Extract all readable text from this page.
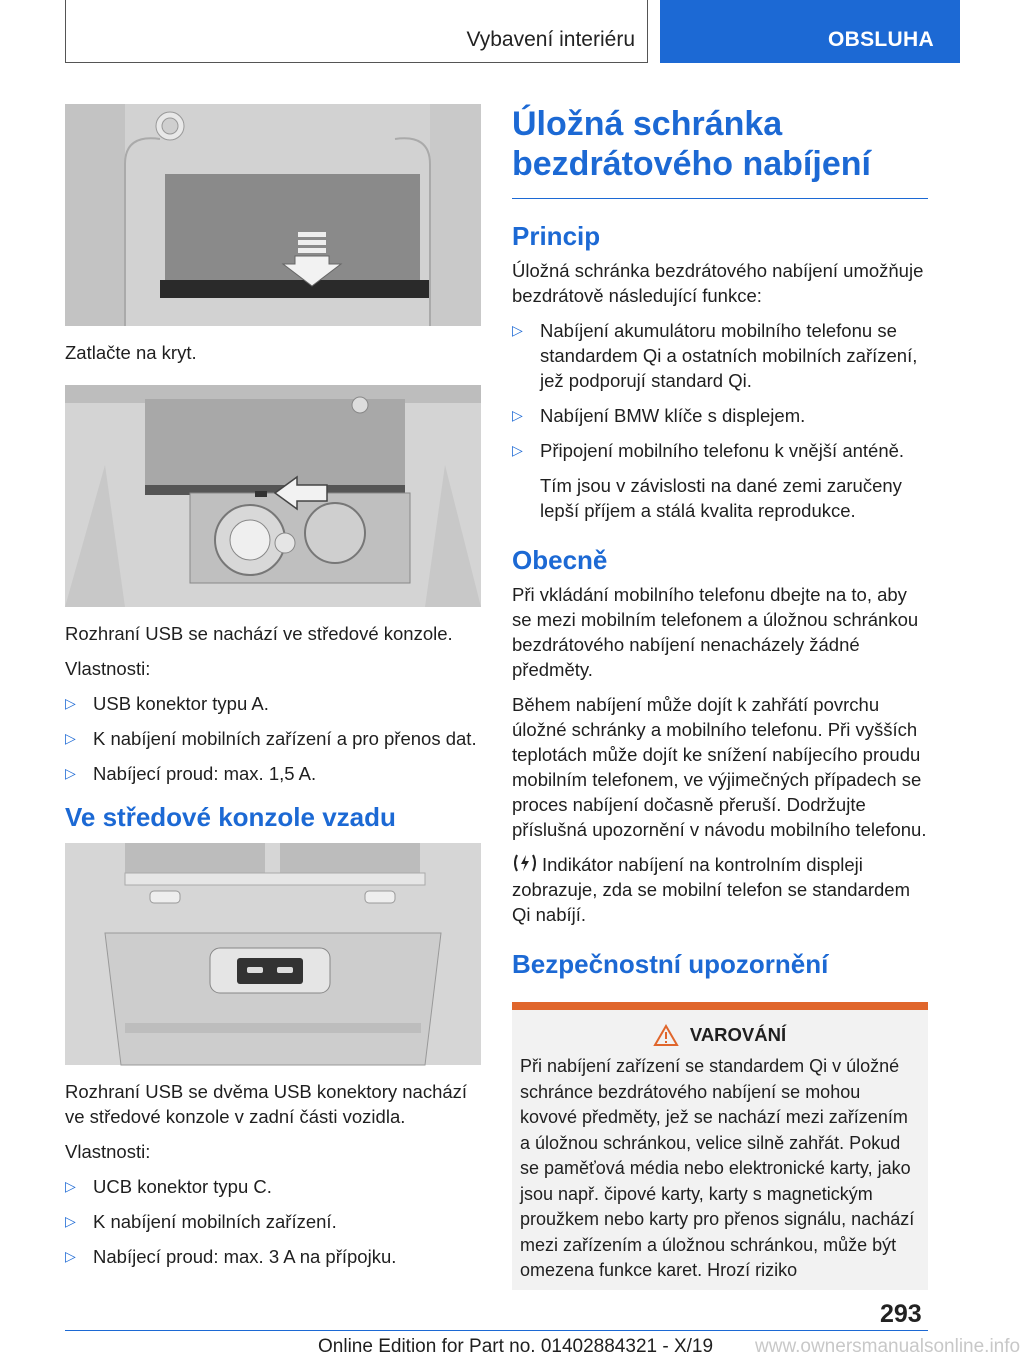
Vybavení interiéru	OBSLUHA

Zatlačte na kryt.

Rozhraní USB se nachází ve středové konzole.

Vlastnosti:

▷ USB konektor typu A.
▷ K nabíjení mobilních zařízení a pro přenos dat.
▷ Nabíjecí proud: max. 1,5 A.
Ve středové konzole vzadu

Rozhraní USB se dvěma USB konektory nachází ve středové konzole v zadní části vozidla.

Vlastnosti:

▷ UCB konektor typu C.
▷ K nabíjení mobilních zařízení.
▷ Nabíjecí proud: max. 3 A na přípojku.
Úložná schránka bezdrátového nabíjení
Princip

Úložná schránka bezdrátového nabíjení umožňuje bezdrátově následující funkce:

▷ Nabíjení akumulátoru mobilního telefonu se standardem Qi a ostatních mobilních zařízení, jež podporují standard Qi.
▷ Nabíjení BMW klíče s displejem.
▷ Připojení mobilního telefonu k vnější anténě.

Tím jsou v závislosti na dané zemi zaručeny lepší příjem a stálá kvalita reprodukce.

Obecně

Při vkládání mobilního telefonu dbejte na to, aby se mezi mobilním telefonem a úložnou schránkou bezdrátového nabíjení nenacházely žádné předměty.

Během nabíjení může dojít k zahřátí povrchu úložné schránky a mobilního telefonu. Při vyšších teplotách může dojít ke snížení nabíjecího proudu mobilním telefonem, ve výjimečných případech se proces nabíjení dočasně přeruší. Dodržujte příslušná upozornění v návodu mobilního telefonu.

Indikátor nabíjení na kontrolním displeji zobrazuje, zda se mobilní telefon se standardem Qi nabíjí.

Bezpečnostní upozornění
VAROVÁNÍ

Při nabíjení zařízení se standardem Qi v úložné schránce bezdrátového nabíjení se mohou kovové předměty, jež se nachází mezi zařízením a úložnou schránkou, velice silně zahřát. Pokud se paměťová média nebo elektronické karty, jako jsou např. čipové karty, karty s magnetickým proužkem nebo karty pro přenos signálu, nachází mezi zařízením a úložnou schránkou, může být omezena funkce karet. Hrozí riziko

293
Online Edition for Part no. 01402884321 - X/19 www.ownersmanualsonline.info
